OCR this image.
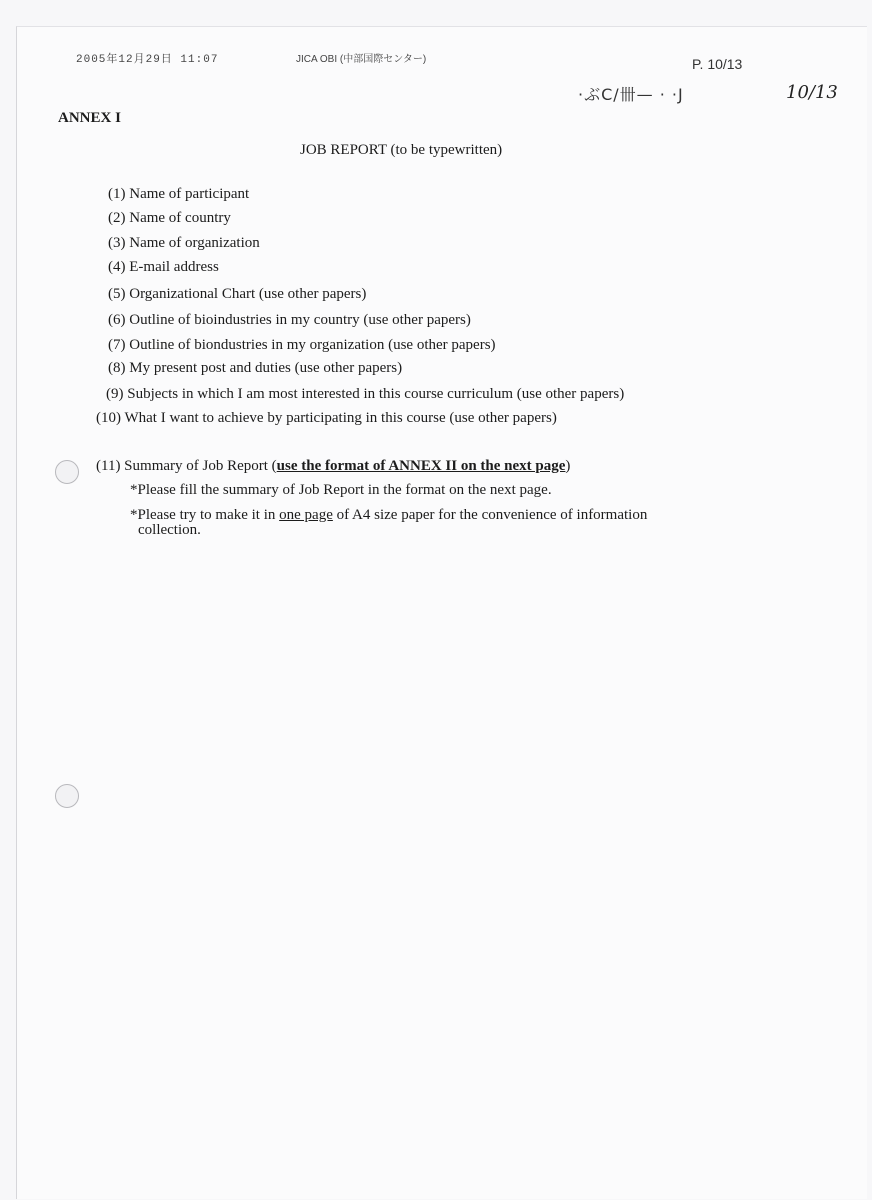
2005年12月29日 11:07	JICA OBI (中部国際センター)	P. 10/13
·ぶC/卌— · ·J	10/13
ANNEX I
JOB REPORT (to be typewritten)
(1) Name of participant
(2) Name of country
(3) Name of organization
(4) E-mail address
(5) Organizational Chart (use other papers)
(6) Outline of bioindustries in my country (use other papers)
(7) Outline of biondustries in my organization (use other papers)
(8) My present post and duties (use other papers)
(9) Subjects in which I am most interested in this course curriculum (use other papers)
(10) What I want to achieve by participating in this course (use other papers)
(11) Summary of Job Report (use the format of ANNEX II on the next page)
*Please fill the summary of Job Report in the format on the next page.
*Please try to make it in one page of A4 size paper for the convenience of information
collection.
